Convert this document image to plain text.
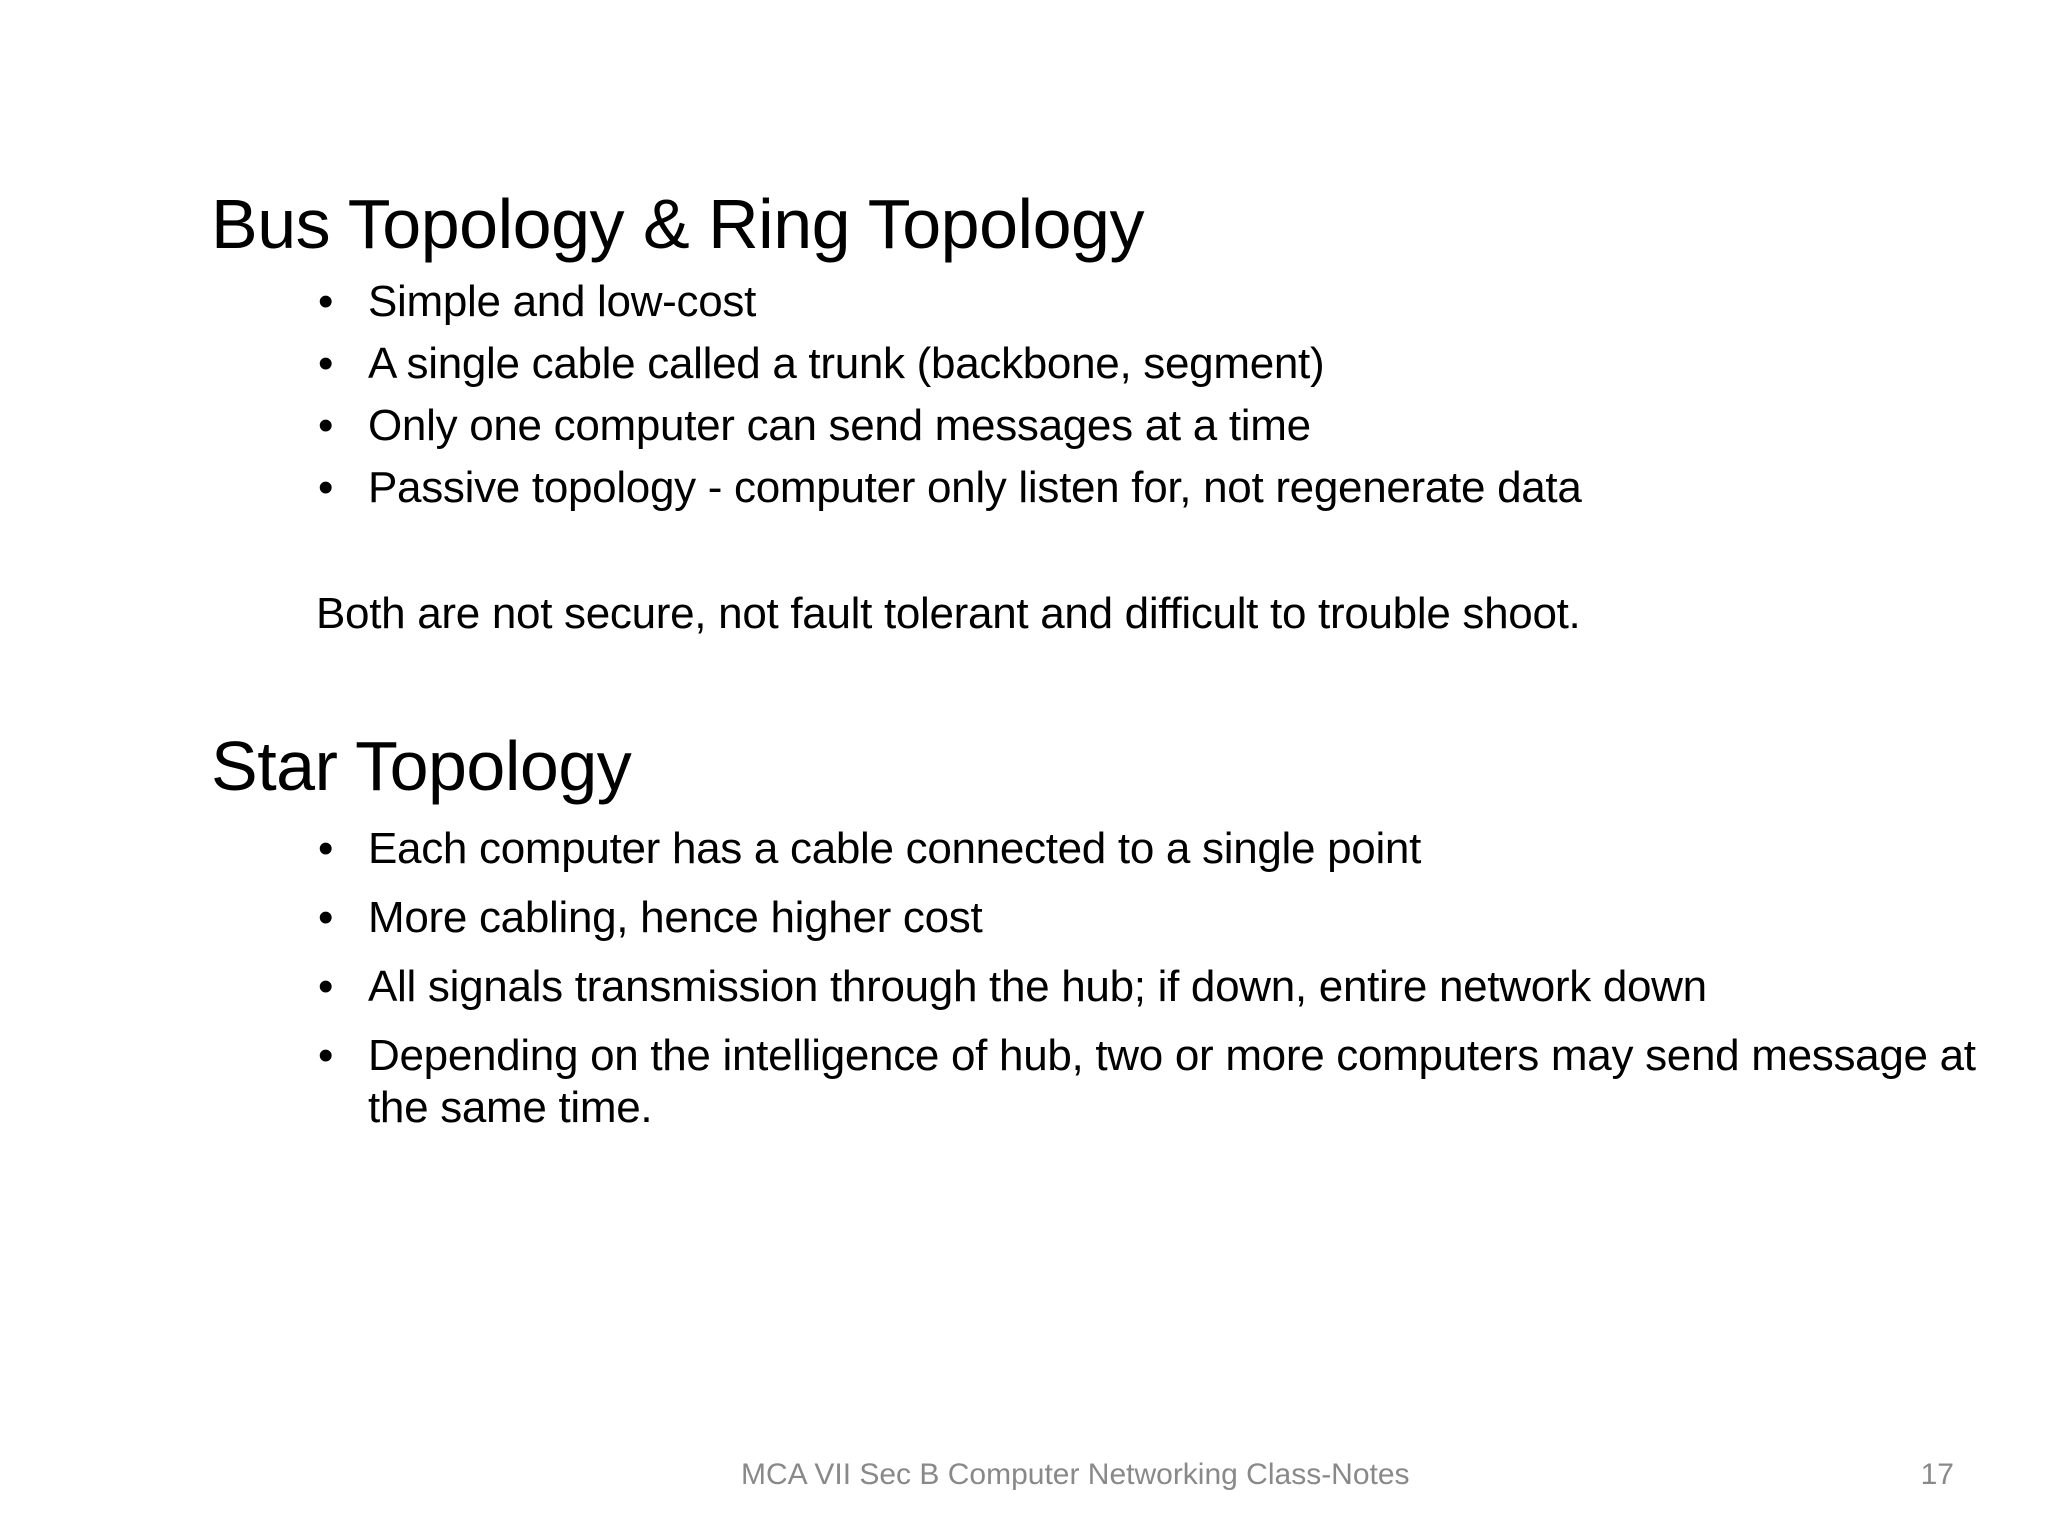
Bus Topology & Ring Topology
• Simple and low-cost
• A single cable called a trunk (backbone, segment)
• Only one computer can send messages at a time
• Passive topology - computer only listen for, not regenerate data

Both are not secure, not fault tolerant and difficult to trouble shoot.

Star Topology
• Each computer has a cable connected to a single point
• More cabling, hence higher cost
• All signals transmission through the hub; if down, entire network down
• Depending on the intelligence of hub, two or more computers may send message at the same time.
MCA VII Sec B Computer Networking Class-Notes	17
